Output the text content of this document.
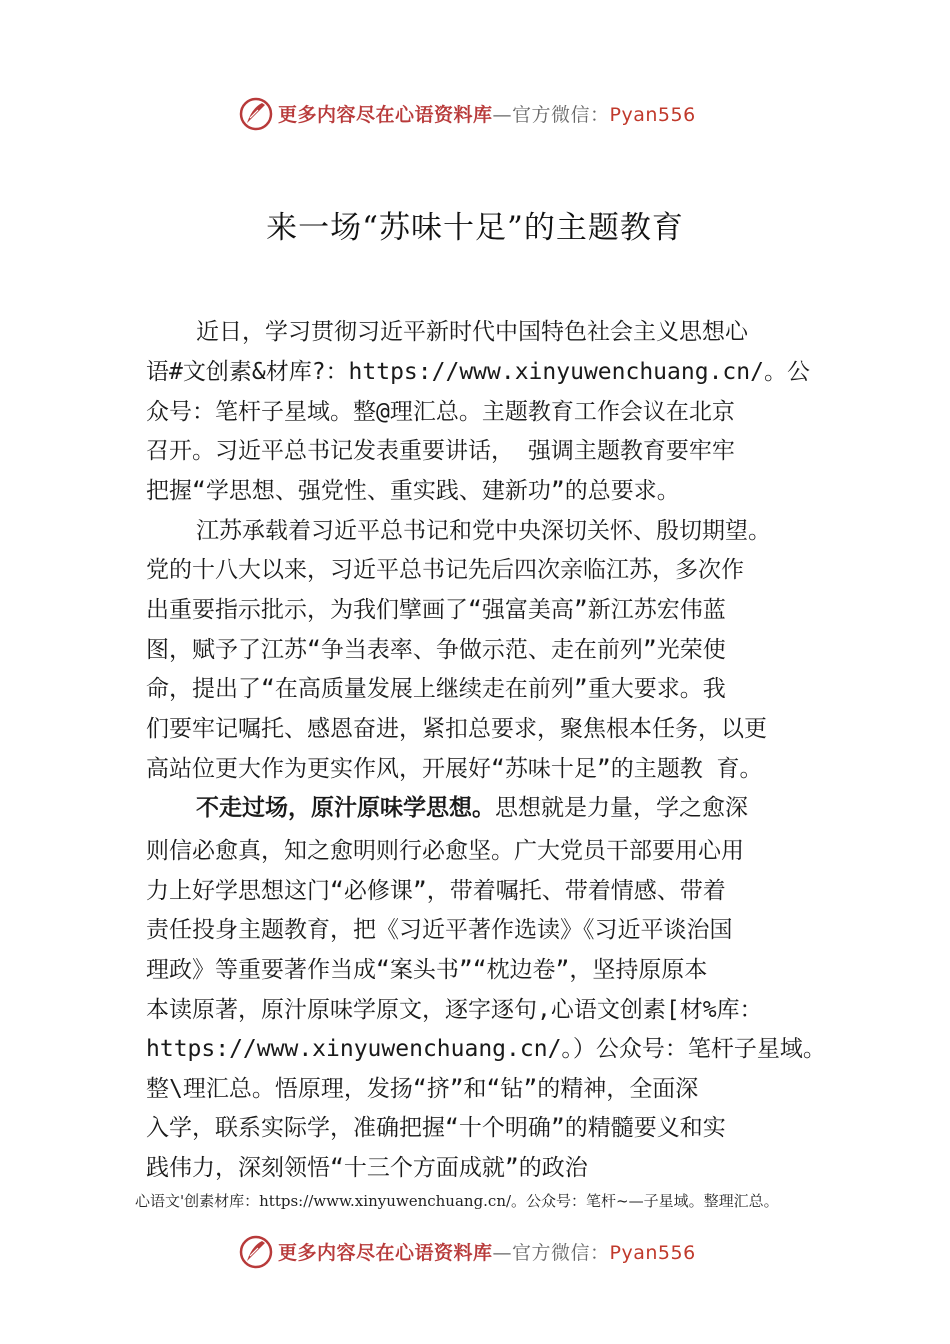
更多内容尽在心语资料库—官方微信：Pyan556
来一场“苏味十足”的主题教育
近日，学习贯彻习近平新时代中国特色社会主义思想心
语#文创素&材库?：https://www.xinyuwenchuang.cn/。公
众号：笔杆子星域。整@理汇总。主题教育工作会议在北京
召开。习近平总书记发表重要讲话， 强调主题教育要牢牢
把握“学思想、强党性、重实践、建新功”的总要求。
江苏承载着习近平总书记和党中央深切关怀、殷切期望。
党的十八大以来，习近平总书记先后四次亲临江苏，多次作
出重要指示批示，为我们擘画了“强富美高”新江苏宏伟蓝
图，赋予了江苏“争当表率、争做示范、走在前列”光荣使
命，提出了“在高质量发展上继续走在前列”重大要求。我
们要牢记嘱托、感恩奋进，紧扣总要求，聚焦根本任务，以更
高站位更大作为更实作风，开展好“苏味十足”的主题教 育。
不走过场，原汁原味学思想。思想就是力量，学之愈深
则信必愈真，知之愈明则行必愈坚。广大党员干部要用心用
力上好学思想这门“必修课”，带着嘱托、带着情感、带着
责任投身主题教育，把《习近平著作选读》《习近平谈治国
理政》等重要著作当成“案头书”“枕边卷”，坚持原原本
本读原著，原汁原味学原文，逐字逐句,心语文创素[材%库：
https://www.xinyuwenchuang.cn/。）公众号：笔杆子星域。
整\理汇总。悟原理，发扬“挤”和“钻”的精神，全面深
入学，联系实际学，准确把握“十个明确”的精髓要义和实
践伟力，深刻领悟“十三个方面成就”的政治
心语文'创素材库：https://www.xinyuwenchuang.cn/。公众号：笔杆~—子星域。整理汇总。
更多内容尽在心语资料库—官方微信：Pyan556
